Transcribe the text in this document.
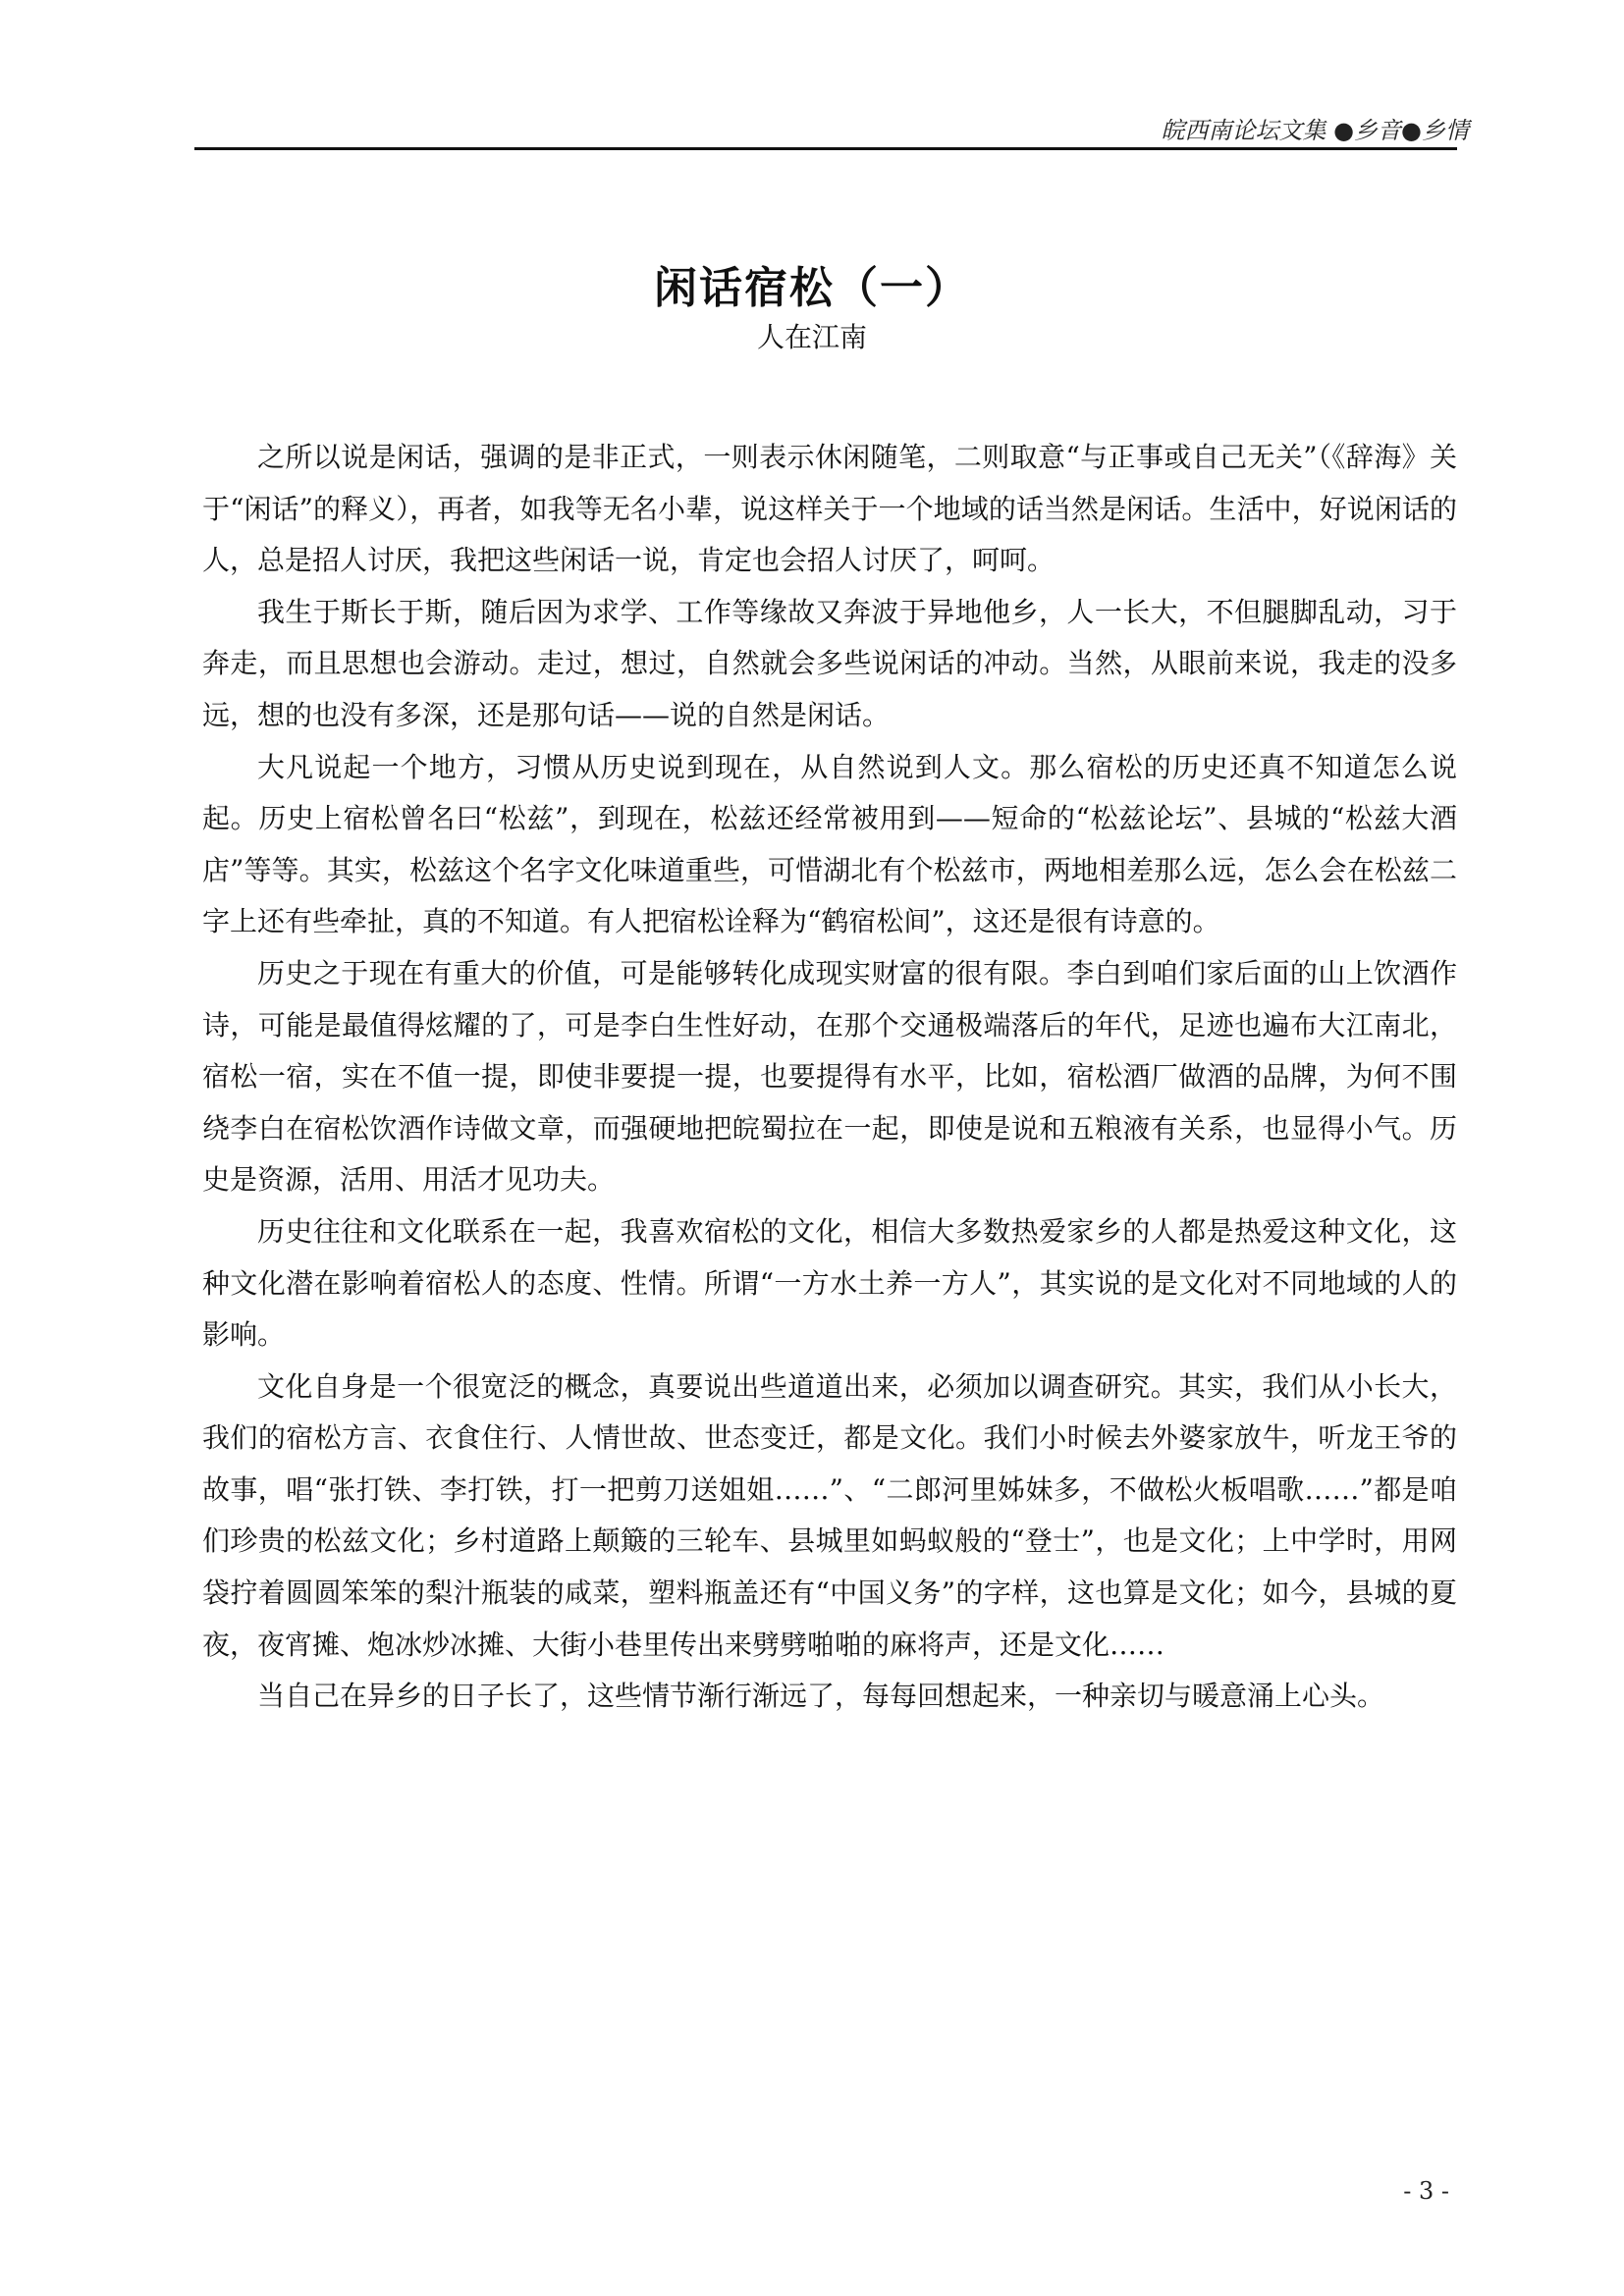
皖西南论坛文集 ●乡音●乡情
闲话宿松（一）
人在江南

之所以说是闲话，强调的是非正式，一则表示休闲随笔，二则取意“与正事或自己无关”（《辞海》关于“闲话”的释义），再者，如我等无名小辈，说这样关于一个地域的话当然是闲话。生活中，好说闲话的人，总是招人讨厌，我把这些闲话一说，肯定也会招人讨厌了，呵呵。

我生于斯长于斯，随后因为求学、工作等缘故又奔波于异地他乡，人一长大，不但腿脚乱动，习于奔走，而且思想也会游动。走过，想过，自然就会多些说闲话的冲动。当然，从眼前来说，我走的没多远，想的也没有多深，还是那句话——说的自然是闲话。

大凡说起一个地方，习惯从历史说到现在，从自然说到人文。那么宿松的历史还真不知道怎么说起。历史上宿松曾名曰“松兹”，到现在，松兹还经常被用到——短命的“松兹论坛”、县城的“松兹大酒店”等等。其实，松兹这个名字文化味道重些，可惜湖北有个松兹市，两地相差那么远，怎么会在松兹二字上还有些牵扯，真的不知道。有人把宿松诠释为“鹤宿松间”，这还是很有诗意的。

历史之于现在有重大的价值，可是能够转化成现实财富的很有限。李白到咱们家后面的山上饮酒作诗，可能是最值得炫耀的了，可是李白生性好动，在那个交通极端落后的年代，足迹也遍布大江南北，宿松一宿，实在不值一提，即使非要提一提，也要提得有水平，比如，宿松酒厂做酒的品牌，为何不围绕李白在宿松饮酒作诗做文章，而强硬地把皖蜀拉在一起，即使是说和五粮液有关系，也显得小气。历史是资源，活用、用活才见功夫。

历史往往和文化联系在一起，我喜欢宿松的文化，相信大多数热爱家乡的人都是热爱这种文化，这种文化潜在影响着宿松人的态度、性情。所谓“一方水土养一方人”，其实说的是文化对不同地域的人的影响。

文化自身是一个很宽泛的概念，真要说出些道道出来，必须加以调查研究。其实，我们从小长大，我们的宿松方言、衣食住行、人情世故、世态变迁，都是文化。我们小时候去外婆家放牛，听龙王爷的故事，唱“张打铁、李打铁，打一把剪刀送姐姐……”、“二郎河里姊妹多，不做松火板唱歌……”都是咱们珍贵的松兹文化；乡村道路上颠簸的三轮车、县城里如蚂蚁般的“登士”，也是文化；上中学时，用网袋拧着圆圆笨笨的梨汁瓶装的咸菜，塑料瓶盖还有“中国义务”的字样，这也算是文化；如今，县城的夏夜，夜宵摊、炮冰炒冰摊、大街小巷里传出来劈劈啪啪的麻将声，还是文化……

当自己在异乡的日子长了，这些情节渐行渐远了，每每回想起来，一种亲切与暖意涌上心头。

- 3 -
